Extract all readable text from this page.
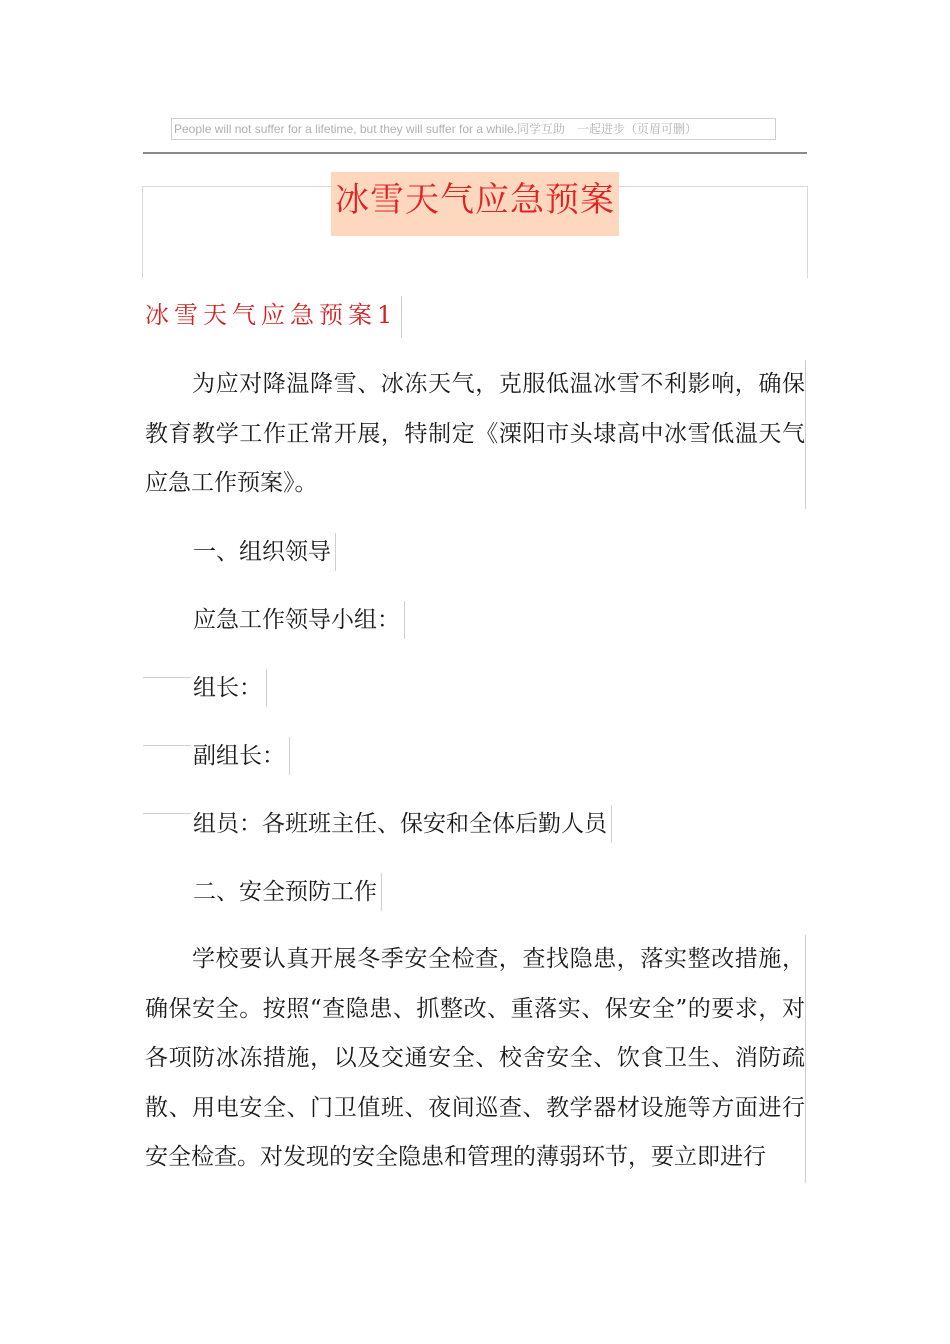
People will not suffer for a lifetime, but they will suffer for a while.同学互助　一起进步（页眉可删）
冰雪天气应急预案
冰雪天气应急预案1

为应对降温降雪、冰冻天气，克服低温冰雪不利影响，确保教育教学工作正常开展，特制定《溧阳市头埭高中冰雪低温天气应急工作预案》。

一、组织领导
应急工作领导小组：
组长：
副组长：
组员：各班班主任、保安和全体后勤人员
二、安全预防工作

学校要认真开展冬季安全检查，查找隐患，落实整改措施，确保安全。按照“查隐患、抓整改、重落实、保安全”的要求，对各项防冰冻措施，以及交通安全、校舍安全、饮食卫生、消防疏散、用电安全、门卫值班、夜间巡查、教学器材设施等方面进行安全检查。对发现的安全隐患和管理的薄弱环节，要立即进行
